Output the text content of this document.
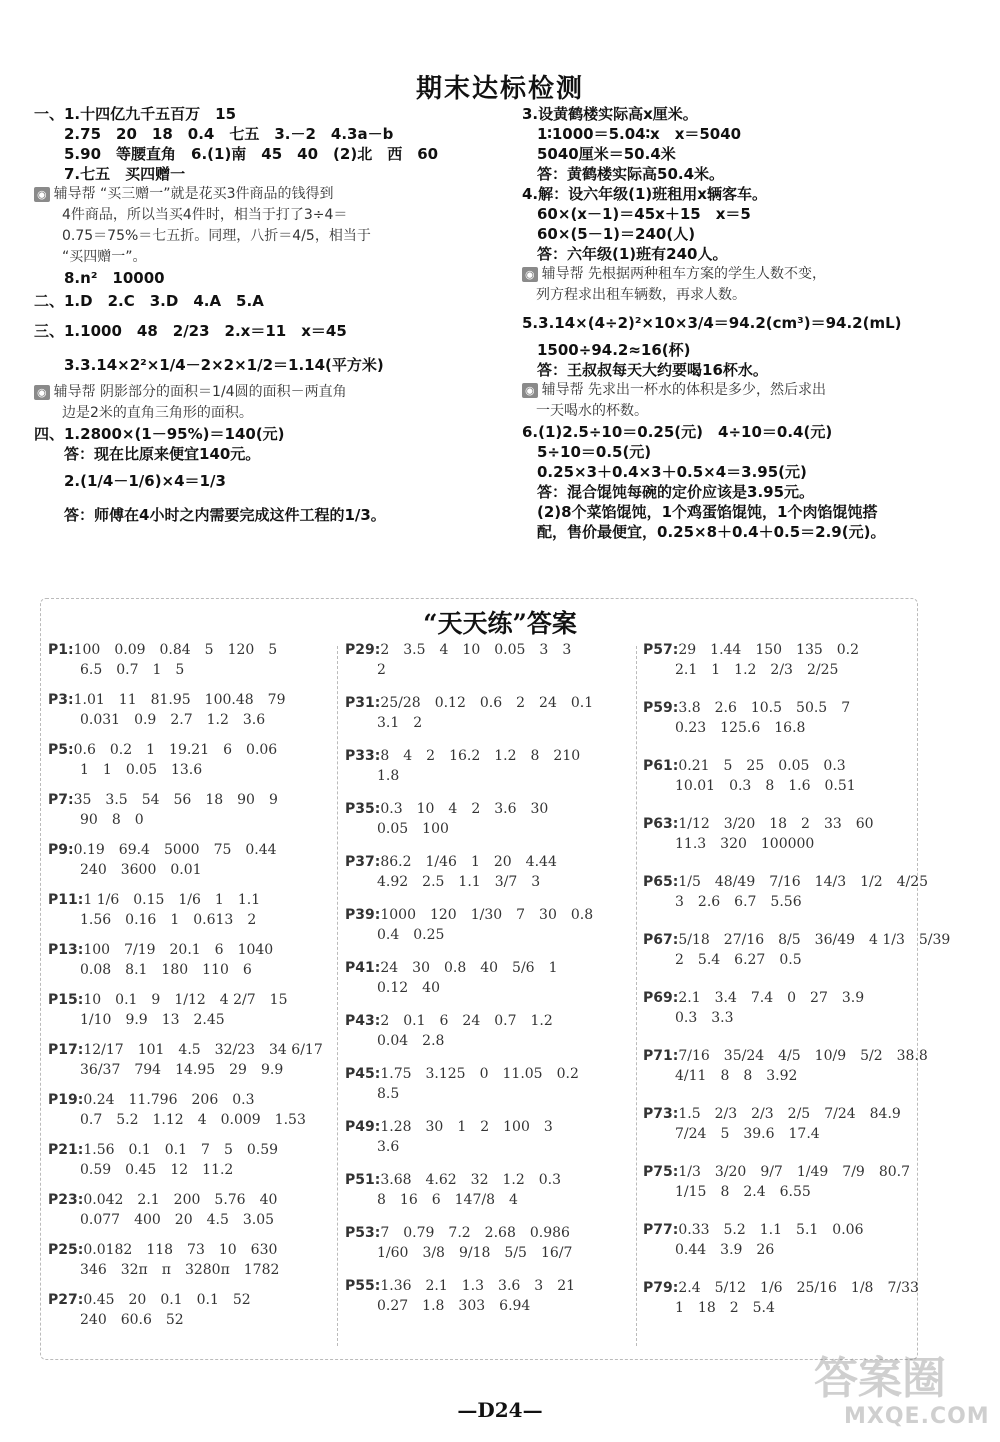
期末达标检测
一、1.十四亿九千五百万　15
　　2.75　20　18　0.4　七五　3.－2　4.3a－b
　　5.90　等腰直角　6.(1)南　45　40　(2)北　西　60
　　7.七五　买四赠一
◉ 辅导帮 “买三赠一”就是花买3件商品的钱得到
　　4件商品，所以当买4件时，相当于打了3÷4＝
　　0.75＝75%＝七五折。同理，八折＝4/5，相当于
　　“买四赠一”。
　　8.n²　10000
二、1.D　2.C　3.D　4.A　5.A
三、1.1000　48　2/23　2.x＝11　x＝45
　　3.3.14×2²×1/4－2×2×1/2＝1.14(平方米)
◉ 辅导帮 阴影部分的面积＝1/4圆的面积－两直角
　　边是2米的直角三角形的面积。
四、1.2800×(1－95%)＝140(元)
　　答：现在比原来便宜140元。
　　2.(1/4－1/6)×4＝1/3
　　答：师傅在4小时之内需要完成这件工程的1/3。
3.设黄鹤楼实际高x厘米。
　1∶1000＝5.04∶x　x＝5040
　5040厘米＝50.4米
　答：黄鹤楼实际高50.4米。
4.解：设六年级(1)班租用x辆客车。
　60×(x－1)＝45x＋15　x＝5
　60×(5－1)＝240(人)
　答：六年级(1)班有240人。
◉ 辅导帮 先根据两种租车方案的学生人数不变，
　列方程求出租车辆数，再求人数。
5.3.14×(4÷2)²×10×3/4＝94.2(cm³)＝94.2(mL)
　1500÷94.2≈16(杯)
　答：王叔叔每天大约要喝16杯水。
◉ 辅导帮 先求出一杯水的体积是多少，然后求出
　一天喝水的杯数。
6.(1)2.5÷10＝0.25(元)　4÷10＝0.4(元)
　5÷10＝0.5(元)
　0.25×3＋0.4×3＋0.5×4＝3.95(元)
　答：混合馄饨每碗的定价应该是3.95元。
　(2)8个菜馅馄饨，1个鸡蛋馅馄饨，1个肉馅馄饨搭
　配，售价最便宜，0.25×8＋0.4＋0.5＝2.9(元)。
“天天练”答案
P1:100　0.09　0.84　5　120　5
6.5　0.7　1　5
P3:1.01　11　81.95　100.48　79
0.031　0.9　2.7　1.2　3.6
P5:0.6　0.2　1　19.21　6　0.06
1　1　0.05　13.6
P7:35　3.5　54　56　18　90　9
90　8　0
P9:0.19　69.4　5000　75　0.44
240　3600　0.01
P11:1 1/6　0.15　1/6　1　1.1
1.56　0.16　1　0.613　2
P13:100　7/19　20.1　6　1040
0.08　8.1　180　110　6
P15:10　0.1　9　1/12　4 2/7　15
1/10　9.9　13　2.45
P17:12/17　101　4.5　32/23　34 6/17
36/37　794　14.95　29　9.9
P19:0.24　11.796　206　0.3
0.7　5.2　1.12　4　0.009　1.53
P21:1.56　0.1　0.1　7　5　0.59
0.59　0.45　12　11.2
P23:0.042　2.1　200　5.76　40
0.077　400　20　4.5　3.05
P25:0.0182　118　73　10　630
346　32π　π　3280π　1782
P27:0.45　20　0.1　0.1　52
240　60.6　52
P29:2　3.5　4　10　0.05　3　3
2
P31:25/28　0.12　0.6　2　24　0.1
3.1　2
P33:8　4　2　16.2　1.2　8　210
1.8
P35:0.3　10　4　2　3.6　30
0.05　100
P37:86.2　1/46　1　20　4.44
4.92　2.5　1.1　3/7　3
P39:1000　120　1/30　7　30　0.8
0.4　0.25
P41:24　30　0.8　40　5/6　1
0.12　40
P43:2　0.1　6　24　0.7　1.2
0.04　2.8
P45:1.75　3.125　0　11.05　0.2
8.5
P49:1.28　30　1　2　100　3
3.6
P51:3.68　4.62　32　1.2　0.3
8　16　6　147/8　4
P53:7　0.79　7.2　2.68　0.986
1/60　3/8　9/18　5/5　16/7
P55:1.36　2.1　1.3　3.6　3　21
0.27　1.8　303　6.94
P57:29　1.44　150　135　0.2
2.1　1　1.2　2/3　2/25
P59:3.8　2.6　10.5　50.5　7
0.23　125.6　16.8
P61:0.21　5　25　0.05　0.3
10.01　0.3　8　1.6　0.51
P63:1/12　3/20　18　2　33　60
11.3　320　100000
P65:1/5　48/49　7/16　14/3　1/2　4/25
3　2.6　6.7　5.56
P67:5/18　27/16　8/5　36/49　4 1/3　5/39
2　5.4　6.27　0.5
P69:2.1　3.4　7.4　0　27　3.9
0.3　3.3
P71:7/16　35/24　4/5　10/9　5/2　38.8
4/11　8　8　3.92
P73:1.5　2/3　2/3　2/5　7/24　84.9
7/24　5　39.6　17.4
P75:1/3　3/20　9/7　1/49　7/9　80.7
1/15　8　2.4　6.55
P77:0.33　5.2　1.1　5.1　0.06
0.44　3.9　26
P79:2.4　5/12　1/6　25/16　1/8　7/33
1　18　2　5.4
—D24—
答案圈
MXQE.COM
